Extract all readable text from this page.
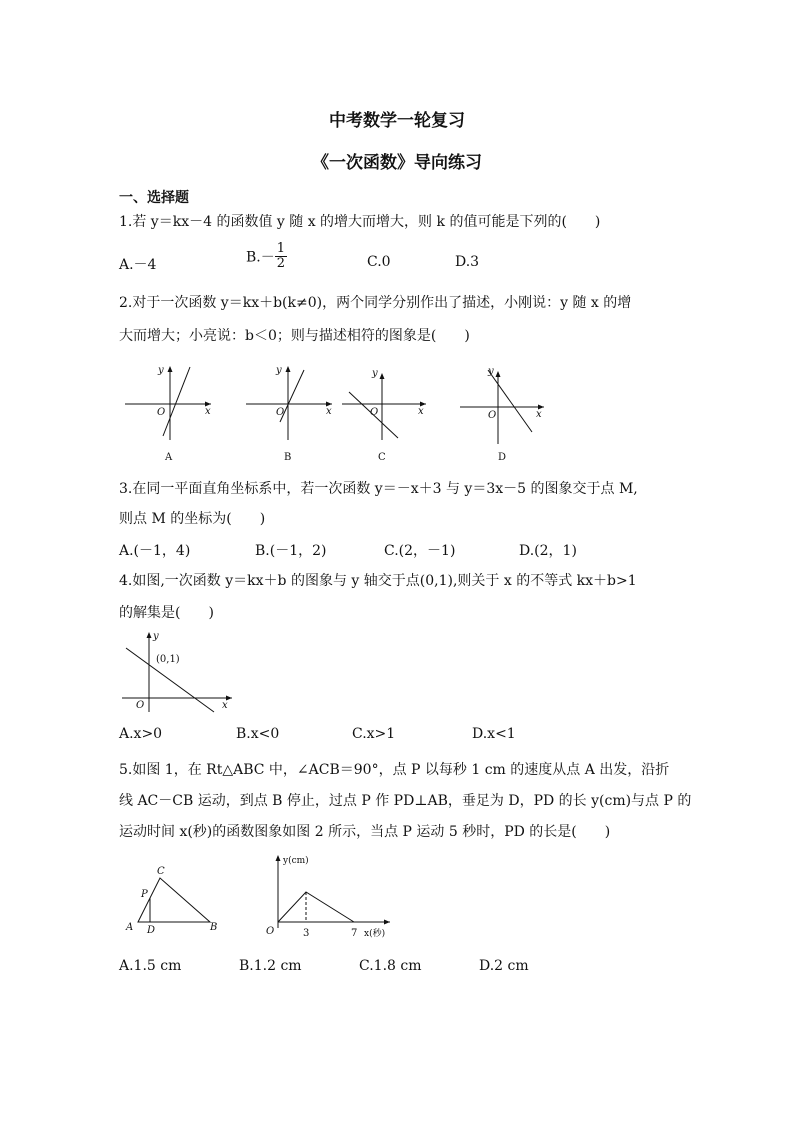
中考数学一轮复习
《一次函数》导向练习
一、选择题
1.若 y＝kx－4 的函数值 y 随 x 的增大而增大，则 k 的值可能是下列的(　　)
A.－4	$B.- \frac{1}{2}$	C.0	D.3
2.对于一次函数 y＝kx＋b(k≠0)，两个同学分别作出了描述，小刚说：y 随 x 的增
大而增大；小亮说：b＜0；则与描述相符的图象是(　　)
O	x
y
A
O	x
y
B
O	x
y
C
O	x
y
D
3.在同一平面直角坐标系中，若一次函数 y＝－x＋3 与 y＝3x－5 的图象交于点 M,
则点 M 的坐标为(　　)
A.(－1，4)	B.(－1，2)	C.(2，－1)	D.(2，1)
4.如图,一次函数 y＝kx＋b 的图象与 y 轴交于点(0,1),则关于 x 的不等式 kx＋b>1
的解集是(　　)
(0,1)
O	x
y
A.x>0	B.x<0	C.x>1	D.x<1
5.如图 1，在 Rt△ABC 中，∠ACB＝90°，点 P 以每秒 1 cm 的速度从点 A 出发，沿折
线 AC－CB 运动，到点 B 停止，过点 P 作 PD⊥AB，垂足为 D，PD 的长 y(cm)与点 P 的
运动时间 x(秒)的函数图象如图 2 所示，当点 P 运动 5 秒时，PD 的长是(　　)
A
C
P
D	B
y(cm)
O	3	7 x(秒)
A.1.5 cm	B.1.2 cm	C.1.8 cm	D.2 cm
